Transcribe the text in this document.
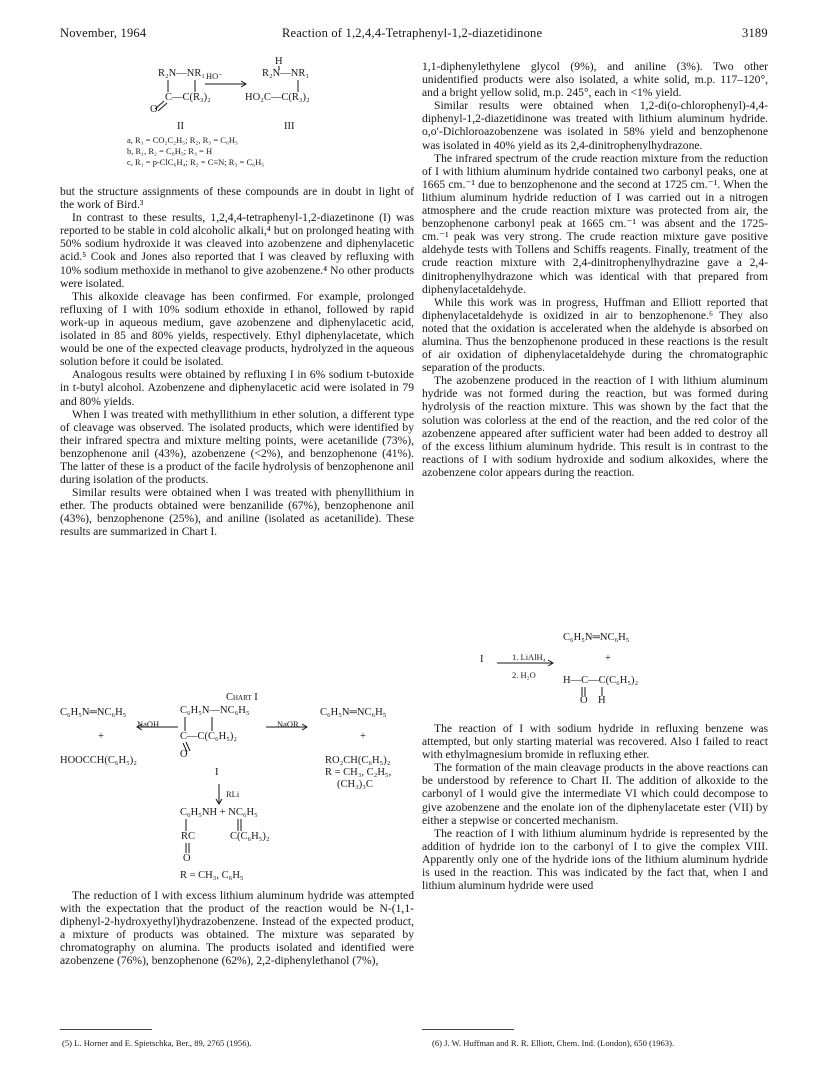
November, 1964	Reaction of 1,2,4,4-Tetraphenyl-1,2-diazetidinone	3189
H
R₂N—NR₁ HO⁻	R₂N—NR₁
C—C(R₃)₂	HO₂C—C(R₃)₂
O
II	III
a, R₁ = CO₂C₂H₅; R₂, R₃ = C₆H₅
b, R₁, R₂ = C₆H₅; R₃ = H
c, R₁ = p-ClC₆H₄; R₂ = C≡N; R₃ = C₆H₅

but the structure assignments of these compounds are in doubt in light of the work of Bird.³

In contrast to these results, 1,2,4,4-tetraphenyl-1,2-diazetinone (I) was reported to be stable in cold alcoholic alkali,⁴ but on prolonged heating with 50% sodium hydroxide it was cleaved into azobenzene and diphenylacetic acid.⁵ Cook and Jones also reported that I was cleaved by refluxing with 10% sodium methoxide in methanol to give azobenzene.⁴ No other products were isolated.

This alkoxide cleavage has been confirmed. For example, prolonged refluxing of I with 10% sodium ethoxide in ethanol, followed by rapid work-up in aqueous medium, gave azobenzene and diphenylacetic acid, isolated in 85 and 80% yields, respectively. Ethyl diphenylacetate, which would be one of the expected cleavage products, hydrolyzed in the aqueous solution before it could be isolated.

Analogous results were obtained by refluxing I in 6% sodium t-butoxide in t-butyl alcohol. Azobenzene and diphenylacetic acid were isolated in 79 and 80% yields.

When I was treated with methyllithium in ether solution, a different type of cleavage was observed. The isolated products, which were identified by their infrared spectra and mixture melting points, were acetanilide (73%), benzophenone anil (43%), azobenzene (<2%), and benzophenone (41%). The latter of these is a product of the facile hydrolysis of benzophenone anil during isolation of the products.

Similar results were obtained when I was treated with phenyllithium in ether. The products obtained were benzanilide (67%), benzophenone anil (43%), benzophenone (25%), and aniline (isolated as acetanilide). These results are summarized in Chart I.

Chart I
C₆H₅N═NC₆H₅	C₆H₅N—NC₆H₅	C₆H₅N═NC₆H₅
NaOH	NaOR
+	C—C(C₆H₅)₂	+
O
HOOCCH(C₆H₅)₂	RO₂CH(C₆H₅)₂
I	R = CH₃, C₂H₅,
(CH₃)₃C
RLi
C₆H₅NH + NC₆H₅
RC	C(C₆H₅)₂
O
R = CH₃, C₆H₅

The reduction of I with excess lithium aluminum hydride was attempted with the expectation that the product of the reaction would be N-(1,1-diphenyl-2-hydroxyethyl)hydrazobenzene. Instead of the expected product, a mixture of products was obtained. The mixture was separated by chromatography on alumina. The products isolated and identified were azobenzene (76%), benzophenone (62%), 2,2-diphenylethanol (7%),

1,1-diphenylethylene glycol (9%), and aniline (3%). Two other unidentified products were also isolated, a white solid, m.p. 117–120°, and a bright yellow solid, m.p. 245°, each in <1% yield.

Similar results were obtained when 1,2-di(o-chlorophenyl)-4,4-diphenyl-1,2-diazetidinone was treated with lithium aluminum hydride. o,o′-Dichloroazobenzene was isolated in 58% yield and benzophenone was isolated in 40% yield as its 2,4-dinitrophenylhydrazone.

The infrared spectrum of the crude reaction mixture from the reduction of I with lithium aluminum hydride contained two carbonyl peaks, one at 1665 cm.⁻¹ due to benzophenone and the second at 1725 cm.⁻¹. When the lithium aluminum hydride reduction of I was carried out in a nitrogen atmosphere and the crude reaction mixture was protected from air, the benzophenone carbonyl peak at 1665 cm.⁻¹ was absent and the 1725-cm.⁻¹ peak was very strong. The crude reaction mixture gave positive aldehyde tests with Tollens and Schiffs reagents. Finally, treatment of the crude reaction mixture with 2,4-dinitrophenylhydrazine gave a 2,4-dinitrophenylhydrazone which was identical with that prepared from diphenylacetaldehyde.

While this work was in progress, Huffman and Elliott reported that diphenylacetaldehyde is oxidized in air to benzophenone.⁶ They also noted that the oxidation is accelerated when the aldehyde is absorbed on alumina. Thus the benzophenone produced in these reactions is the result of air oxidation of diphenylacetaldehyde during the chromatographic separation of the products.

The azobenzene produced in the reaction of I with lithium aluminum hydride was not formed during the reaction, but was formed during hydrolysis of the reaction mixture. This was shown by the fact that the solution was colorless at the end of the reaction, and the red color of the azobenzene appeared after sufficient water had been added to destroy all of the excess lithium aluminum hydride. This result is in contrast to the reactions of I with sodium hydroxide and sodium alkoxides, where the azobenzene color appears during the reaction.

C₆H₅N═NC₆H₅
I	1. LiAlH₄	+
2. H₂O	H—C—C(C₆H₅)₂
O H

The reaction of I with sodium hydride in refluxing benzene was attempted, but only starting material was recovered. Also I failed to react with ethylmagnesium bromide in refluxing ether.

The formation of the main cleavage products in the above reactions can be understood by reference to Chart II. The addition of alkoxide to the carbonyl of I would give the intermediate VI which could decompose to give azobenzene and the enolate ion of the diphenylacetate ester (VII) by either a stepwise or concerted mechanism.

The reaction of I with lithium aluminum hydride is represented by the addition of hydride ion to the carbonyl of I to give the complex VIII. Apparently only one of the hydride ions of the lithium aluminum hydride is used in the reaction. This was indicated by the fact that, when I and lithium aluminum hydride were used

(5) L. Horner and E. Spietschka, Ber., 89, 2765 (1956).	(6) J. W. Huffman and R. R. Elliott, Chem. Ind. (London), 650 (1963).
